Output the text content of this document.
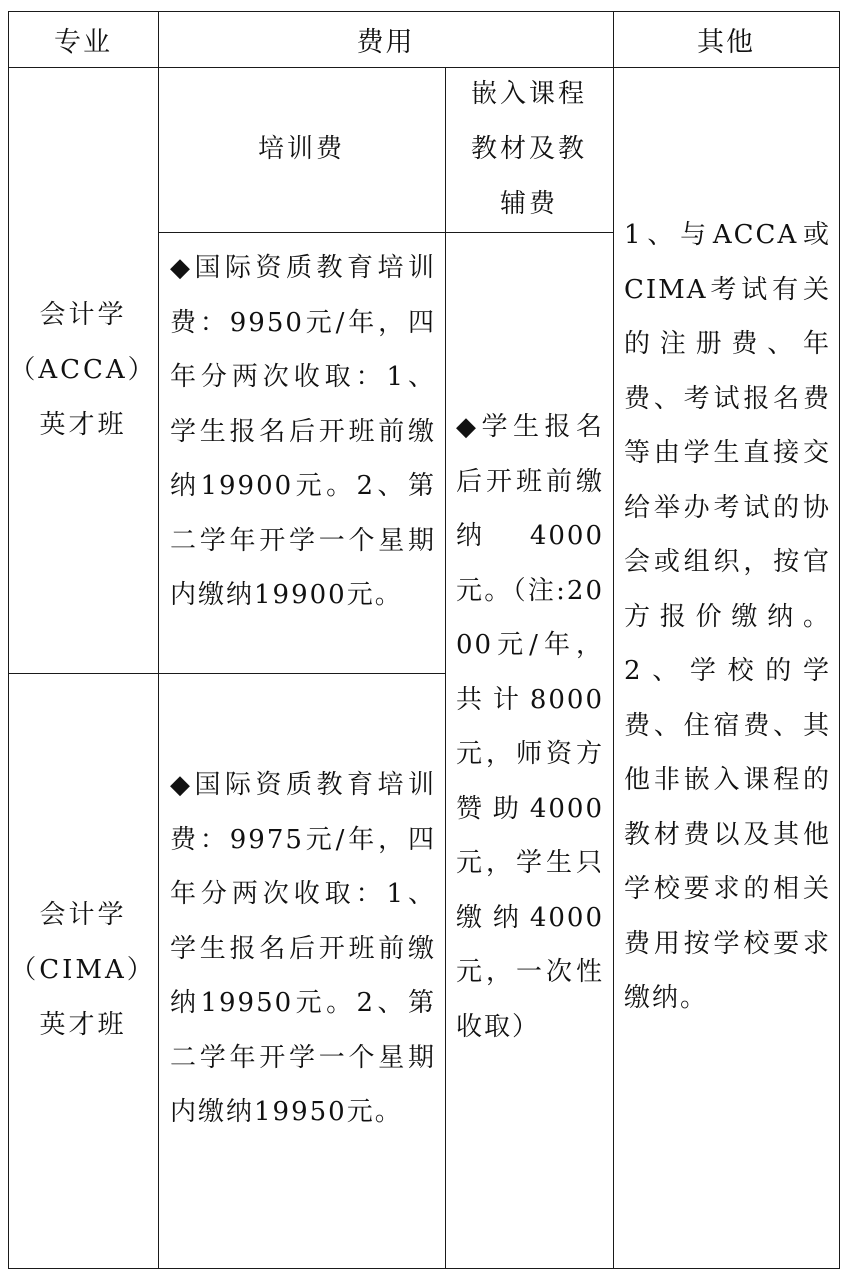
专业	费用	其他
培训费
嵌入课程
教材及教
辅费
会计学
（ACCA）
英才班
会计学
（CIMA）
英才班
◆国际资质教育培训费：9950元/年，四年分两次收取：1、学生报名后开班前缴纳19900元。2、第二学年开学一个星期内缴纳19900元。
◆国际资质教育培训费：9975元/年，四年分两次收取：1、学生报名后开班前缴纳19950元。2、第二学年开学一个星期内缴纳19950元。
◆学生报名后开班前缴纳4000元。（注:2000元/年，共计8000元，师资方赞助4000元，学生只缴纳4000元，一次性收取）
1、与ACCA或CIMA考试有关的注册费、年费、考试报名费等由学生直接交给举办考试的协会或组织，按官方报价缴纳。2、学校的学费、住宿费、其他非嵌入课程的教材费以及其他学校要求的相关费用按学校要求缴纳。
